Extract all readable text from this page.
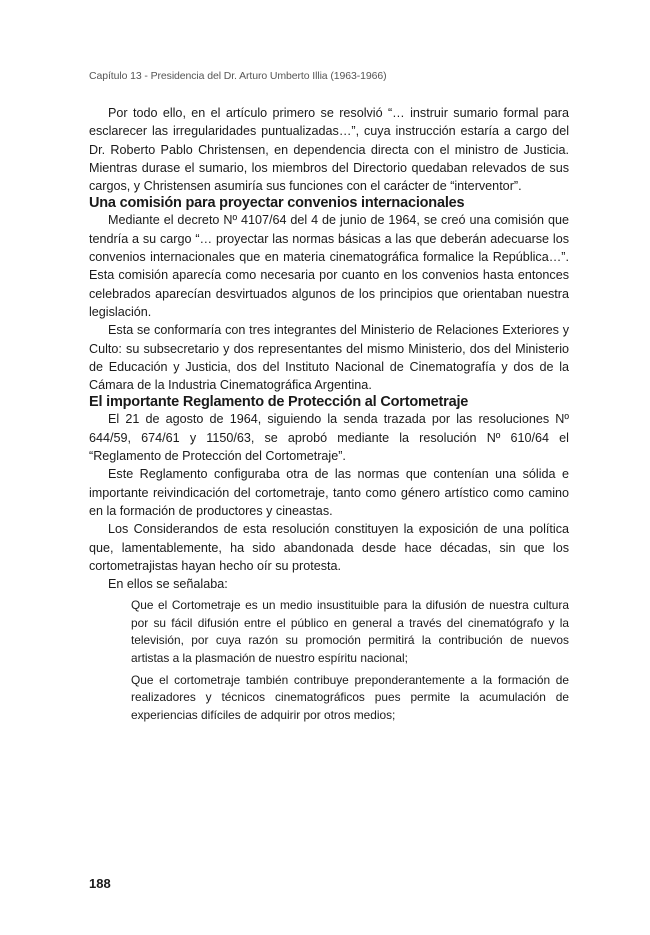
Capítulo 13 - Presidencia del Dr. Arturo Umberto Illia (1963-1966)

Por todo ello, en el artículo primero se resolvió “… instruir sumario formal para esclarecer las irregularidades puntualizadas…”, cuya instrucción estaría a cargo del Dr. Roberto Pablo Christensen, en dependencia directa con el ministro de Justicia. Mientras durase el sumario, los miembros del Directorio quedaban relevados de sus cargos, y Christensen asumiría sus funciones con el carácter de “interventor”.

Una comisión para proyectar convenios internacionales

Mediante el decreto Nº 4107/64 del 4 de junio de 1964, se creó una comisión que tendría a su cargo “… proyectar las normas básicas a las que deberán adecuarse los convenios internacionales que en materia cinematográfica formalice la República…”. Esta comisión aparecía como necesaria por cuanto en los convenios hasta entonces celebrados aparecían desvirtuados algunos de los principios que orientaban nuestra legislación.

Esta se conformaría con tres integrantes del Ministerio de Relaciones Exteriores y Culto: su subsecretario y dos representantes del mismo Ministerio, dos del Ministerio de Educación y Justicia, dos del Instituto Nacional de Cinematografía y dos de la Cámara de la Industria Cinematográfica Argentina.

El importante Reglamento de Protección al Cortometraje

El 21 de agosto de 1964, siguiendo la senda trazada por las resoluciones Nº 644/59, 674/61 y 1150/63, se aprobó mediante la resolución Nº 610/64 el “Reglamento de Protección del Cortometraje”.

Este Reglamento configuraba otra de las normas que contenían una sólida e importante reivindicación del cortometraje, tanto como género artístico como camino en la formación de productores y cineastas.

Los Considerandos de esta resolución constituyen la exposición de una política que, lamentablemente, ha sido abandonada desde hace décadas, sin que los cortometrajistas hayan hecho oír su protesta.

En ellos se señalaba:

Que el Cortometraje es un medio insustituible para la difusión de nuestra cultura por su fácil difusión entre el público en general a través del cinematógrafo y la televisión, por cuya razón su promoción permitirá la contribución de nuevos artistas a la plasmación de nuestro espíritu nacional;

Que el cortometraje también contribuye preponderantemente a la formación de realizadores y técnicos cinematográficos pues permite la acumulación de experiencias difíciles de adquirir por otros medios;

188
